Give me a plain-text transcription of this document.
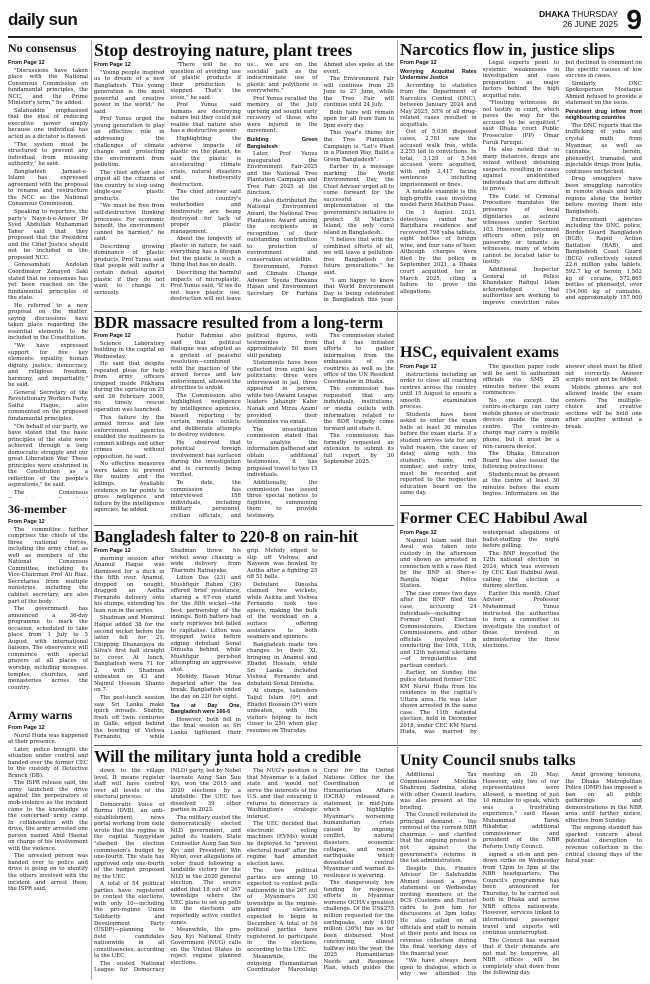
daily sun	DHAKA THURSDAY
26 JUNE 2025 9
No consensus Stop destroying nature, plant trees	Narcotics flow in, justice slips

From Page 12

"Discussions have taken place with the National Consensus Commission on fundamental principles, the NCC, and the Prime Minister's term," he added.

Salahuddin emphasised that the idea of reducing executive power simply because one individual has acted as a dictator is flawed.

"The system must be structured to prevent any individual from misusing authority," he said.

Bangladesh Jamaat-e-Islami has expressed agreement with the proposal to rename and restructure the NCC as the National Consensus Commission.

Speaking to reporters, the party's Naye-b-e-Ameer Dr Syed Abdullah Muhammad Taher said that they proposed that the President and the Chief Justice should not be included in the proposed NCC.

Gonosamhati Andolan Coordinator Zonayed Saki stated that no consensus has yet been reached on the fundamental principles of the state.

He referred to a new proposal on the matter, saying discussions have taken place regarding the essential elements to be included in the Constitution.

"We have expressed support for five key elements: equality, human dignity, justice, democracy, and religious freedom, harmony, and impartiality," he said.

General Secretary of the Revolutionary Workers Party, Saiful Haque, also commented on the proposed fundamental principles.

"On behalf of our party, we have stated that the basic principles of the state were achieved through a long democratic struggle and our great Liberation War. These principles were enshrined in the Constitution as a reflection of the people's aspirations," he said.

The Consensus

36-member

From Page 12

The committee further comprises the chiefs of the three national forces, including the army chief, as well as members of the National Consensus Committee, including its Vice-Chairman Prof Ali Riaz. Secretaries from multiple ministries, including the cabinet secretary, are also part of the body.

The government has announced a 36-day programme to mark the occasion, scheduled to take place from 1 July to 5 August, with international liaisons. The observance will commence with special prayers at all places of worship, including mosques, temples, churches, and monasteries across the country.

Army warns

From Page 12

Nurul Huda was happened at their presence.

Later, police brought the situation under control and handed over the former CEC to the custody of Detective Branch (DB).

The ISPR release said, the army launched the drive against the perpetrators of mob-violence as the incident came to the knowledge of the concerned army camp. In collaboration with the drive, the army arrested one person named Abul Hasnat on charge of his involvement with the violence.

The arrested person was handed over to police and drive is going on to identify the others involved with the incident and arrest them, the ISPR said.

From Page 12

"Young people inspired us to dream of a new Bangladesh. This young generation is the most powerful and creative power in the world," he said.

Prof Yunus urged the young generation to play an effective role in addressing the challenges of climate change and protecting the environment from pollution.

The chief adviser also urged all the citizens of the country to stop using single-use plastic products.

"We must be free from self-destructive thinking processes. For economic benefit, the environment cannot be harmed," he said.

Describing growing dominance of plastic products, Prof Yunus said that people will suffer a certain defeat against plastic if they do not want to change it seriously.

"There will be no question of avoiding use of plastic products if their production is stopped. That's the issue," he said.

Prof Yunus said humans are destroying nature but they could not realise that nature also has a destructive power.

Highlighting the adverse impacts of plastic on the planet, he said the plastic is accelerating climate crisis, natural disasters and biodiversity destruction.

The chief adviser said the country's waterbodies and biodiversity are being destroyed for lack of proper plastic management.

About the longevity of plastic in nature, he said everything has a lifespan but the plastic is such a thing that has no death.

Describing the harmful impacts of microplastic, Prof Yunus said, "If we do not leave plastic use, destruction will not leave us... we are on the suicidal path as the indiscriminate use of plastic and polythene is everywhere."

Prof Yunus recalled the memory of the July uprising and sought early recovery of those who were injured in the movement.

Building Green Bangladesh

Later, Prof Yunus inaugurated the Environment Fair-2025 and the National Tree Plantation Campaign and Tree Fair 2025 at the function.

He also distributed the National Environment Award, the National Tree Plantation Award among the recipients in recognition of their outstanding contribution to protection of environment and conservation of wildlife.

Environment, Forest and Climate Change Adviser Syeda Rizwana Hasan and Environment Secretary Dr Farhina Ahmed also spoke at the event.

The Environment Fair will continue from 25 June to 27 June, while the Tree Fair will continue until 24 July.

Both fairs will remain open for all from 9am to 9pm every day.

This year's theme for the Tree Plantation Campaign is "Let's Plant in a Planned Way, Build a Green Bangladesh".

Earlier in a message marking the World Environment Day, the Chief Adviser urged all to come forward for the successful implementation of the government's initiative to protect St Martin's Island, the only coral island in Bangladesh.

"I believe that with the combined efforts of all, we will leave a pollution-free Bangladesh for future generations," he said.

"I am happy to know that World Environment Day is being celebrated in Bangladesh this year.

From Page 12

Worrying Acquittal Rates Undermine Justice

According to statistics from the Department of Narcotics Control (DNC), between January 2024 and May 2025, 55% of all drug-related cases resulted in acquittals.

Out of 5,036 disposed cases, 2,781 saw the accused walk free, while 2,255 led to convictions. In total, 3,129 of 5,546 accused were acquitted, with only 2,417 facing sentences including imprisonment or fines.

A notable example is the high-profile case involving model Farin Mahbub Piasa.

On 1 August 2021, detectives raided her Baridhara residence and recovered 798 yaba tablets, eight bottles of foreign wine, and four cans of beer. Although charges were filed by the police in September 2021, a Dhaka court acquitted her in March 2025, citing a failure to prove the allegations.

Legal experts point to systemic weaknesses in investigation and case preparation as major factors behind the high acquittal rate.

"Flouting witnesses do not testify in court, which paves the way for the accused to be acquitted," said Dhaka court Public Prosecutor (PP) Omar Faruk Faruqui.

He also noted that in many instances, drugs are seized without detaining suspects, resulting in cases against unidentified individuals that are difficult to prove.

The Code of Criminal Procedure mandates the presence of local dignitaries as seizure witnesses under Section 103. However, enforcement officers often rely on passersby or tenants as witnesses, many of whom cannot be located later to testify.

Additional Inspector General of Police Khandaker Rafiqul Islam acknowledged that authorities are working to improve conviction rates but declined to comment on the specific causes of low success in cases.

Similarly, DNC Spokesperson Mostaque Ahmed refused to provide a statement on the issue.

Persistent drug inflow from neighbouring countries

The DNC reports that the trafficking of yaba and crystal meth from Myanmar, as well as cannabis, heroin, phensedyl, tramadol, and injectable drugs from India, continues unchecked.

Drug smugglers have been smuggling narcotics in remote shoals and hilly regions along the border before moving them into Bangladesh.

Enforcement agencies including the DNC, police, Border Guard Bangladesh (BGB), Rapid Action Battalion (RAB), and Bangladesh Coast Guard (BCG) collectively seized 22.6 million yaba tablets, 592.7 kg of heroin, 1,502 kg of cocaine, 572,865 bottles of phensedyl, over 154,000 kg of cannabis, and approximately 157,000

BDR massacre resulted from a long-term

From Page 12

Science Laboratory building in the capital on Wednesday.

He said that despite repeated pleas for help from army officers trapped inside Pilkhana during the uprising on 25 and 26 February 2009, no timely rescue operation was launched.

This failure by the armed forces and law enforcement agencies enabled the mutineers to commit killings and other crimes without opposition, he said.

No effective measures were taken to prevent the mutiny and the killings. Available evidence so far points to gross negligence and failure by the intelligence agencies, he added.

Fazlur Rahman also said that political dialogue was adopted as a pretext of peaceful resolution—combined with the inaction of the armed forces and law enforcement, allowed the atrocities to unfold.

The Commission also highlighted negligence by intelligence agencies, biased reporting by certain media outlets, and deliberate attempts to destroy evidence.

He observed that potential foreign involvement has surfaced during the investigation and is currently being verified.

To date, the commission has interviewed 158 individuals, including military personnel, civilian officials, and political figures, with testimonies from approximately 50 more still pending.

Statements have been collected from eight key politicians: three were interviewed in jail, three appeared in person, while two (Awami League leaders Jahangir Kabir Nanak and Mirza Azam) provided their testimonies via email.

The investigation commission stated that to analyse the information gathered and obtain additional testimonies, it has proposed travel to two 15 individuals.

Additionally, the commission has issued three special notices to fugitives, summoning them to provide testimony.

The commission stated that it has initiated efforts to gather information from the embassies of six countries as well as the office of the UN Resident Coordinator in Dhaka.

The commission has requested that any individuals, institutions, or media outlets with information related to the BDR tragedy come forward and share it.

The commission has formally requested an extension to submit its full report by 30 September 2025.

HSC, equivalent exams

From Page 12

instructions including an order to close all coaching centres across the country until 15 August to ensure a smooth examination process.

Students have been asked to enter the exam halls at least 30 minutes before the exam starts. If a student arrives late for any valid reason, the cause of delay, along with the student's name, roll number, and entry time, must be recorded and reported to the respective education board on the same day.

The question paper code will be sent to authorized officials via SMS 25 minutes before the exam commences.

No one except the centre-in-charge can carry mobile phones or electronic devices inside the exam centre. The centre-in-charge may carry a mobile phone, but it must be a non-camera device.

The Dhaka Education Board has also issued the following instructions:

Students must be present at the centre at least 30 minutes before the exam begins. Information on the answer sheet must be filled out correctly. Answer scripts must not be folded.

Mobile phones are not allowed inside the exam centers. The multiple-choice and creative sections will be held one after another without a break.

Bangladesh falter to 220-8 on rain-hit

From Page 12

morning session after Anamul Haque was dismissed for a duck in the fifth over. Anamul, dropped on nought, dragged an Asitha Fernando delivery onto his stumps, extending his lean run in the series.

Shadman and Mominul Haque added 38 for the second wicket before the latter fell for 21. Chipping Dhananjaya de Silva's first ball straight to cover. At lunch, Bangladesh were 71 for 2, with Shadman unbeaten on 43 and Najmul Hossain Shanto on 7.

The post-lunch session saw Sri Lanka make quick inroads. Shanto, fresh off twin centuries in Galle, edged behind the bowling of Vishwa Fernando, while Shadman threw his wicket away chasing a wide delivery from Tharindu Ratnayake.

Litton Das (23) and Mushfiqur Rahim (36) offered brief resistance, sharing a 67-run stand for the fifth wicket—the best partnership of the innings. Both batters had early reprieves but failed to capitalise. Litton was dropped twice before edging debutant Sonal Dinusha behind, while Mushfiqur perished attempting an aggressive shot.

Mehidy Hasan Miraz departed after the tea break. Bangladesh ended the day on 220 for eight.

Tea at Day One, Bangladesh were 166-6

However, both fell in the final session as Sri Lanka tightened their grip. Mehidy edged to slip off Vishwa, and Nayeem was bowled by Asitha after a fighting 25 off 51 balls.

Debutant Dinusha claimed two wickets, while Asitha and Vishwa Fernando took two apiece, making the bulk of the workload on a surface offering assistance to both seamers and spinners.

Bangladesh made two changes to their XI, bringing in Anamul and Ebadot Hossain, while Sri Lanka included Vishwa Fernando and debutant Sonal Dinusha.

At stumps, tailenders Taijul Islam (9*) and Ebadot Hossain (5*) were unbeaten, with the visitors hoping to inch closer to 250 when play resumes on Thursday.

Former CEC Habibul Awal

From Page 12

Nazmul Islam said that Awal was taken into custody in the afternoon and shown as arrested in connection with a case filed by the BNP at Sher-e-Bangla Nagar Police Station.

The case comes two days after the BNP filed the case, accusing 24 individuals—including Former Chief Election Commissioners, Election Commissioners, and other officials involved in conducting the 10th, 11th, and 12th national elections—of irregularities and partisan conduct.

Earlier, on Sunday, the police detained former CEC KM Nurul Huda from his residence in the capital's Uttara area. He was later shown arrested in the same case. The 11th national election, held in December 2018, under CEC KM Nurul Huda, was marred by widespread allegations of ballot-stuffing the night before polling.

The BNP boycotted the 12th national election in 2024, which was overseen by CEC Kazi Habibul Awal, calling the election a dummy election.

Earlier this month, Chief Adviser Professor Muhammad Yunus instructed the authorities to form a committee to investigate the conduct of those involved in administering the three elections.

Will the military junta hold a credible

down to the village level. It means register staff will have control over all levels of the electoral process.

Democratic Voice of Burma (DVB), an anti-establishment news portal working from exile wrote that the regime in the capital Naypyidaw "slashed the election commission's budget by one-fourth. The state has approved only one-fourth of the budget proposed by the UEC.

A total of 54 political parties have registered to contest the elections, with only 10—including the pro-regime Union Solidarity and Development Party (USDP)—planning to field candidates nationwide in all constituencies, according to the UEC.

The ousted National League for Democracy (NLD) party, led by Nobel laureate Aung San Suu Kyi, won the 2015 and 2020 elections by a landslide. The UEC has dissolved 39 other parties in 2023.

The military ousted the democratically elected NLD government, and jailed its leaders State Counsellor Aung San Suu Kyi and President Win Myint, over allegations of voter fraud following a landslide victory for the NLD in the 2020 general election. The source added that 18 out of 267 townships where the UEC plans to set up polls in the elections are reportedly active conflict zones.

Meanwhile, the pro-Suu Kyi National Unity Government (NUG) calls on the United States to reject regime planned elections.

The NUG's position is that Myanmar is a failed state and would not serve the interests of the U.S. and that ensuring it returns to democracy is Washington's strategic interest.

The UEC decided that electronic voting machines (EVMs) would be deployed to "prevent electoral fraud" after the regime had amended election laws.

The two political parties are among 10 expected to contest polls nationwide in the 267 out of Myanmar's 330 townships in the regime-planned elections expected to begin in December. A total of 54 political parties have registered to participate in the elections, according to the UEC.

Meanwhile, the outgoing Humanitarian Coordinator Marcoluigi Corsi for the United Nations Office for the Coordination of Humanitarian Affairs (OCHA) released a statement in mid-June which highlights Myanmar's worsening humanitarian crisis caused by ongoing conflict, natural disasters, economic collapse, and recent earthquake which devastated central Myanmar and warned its resilience is wavering.

The dangerously low funding for response efforts in Myanmar worsens OCHA's greatest challenge. Of the US$275 million requested for the earthquake, only $100 million (36%) has so far been disbursed. Most concerning, almost halfway into the year, the 2025 Humanitarian Needs and Response Plan, which guides the

Unity Council snubs talks

Additional Tax Commissioner Moutika Shahreen Sadmina, along with other Council leaders, was also present at the briefing.

The Council reiterated its principal demand – the removal of the current NBR chairman – and clarified that the ongoing protest is not against the government's reforms in the tax administration.

Despite this, Finance Adviser Dr Salehuddin Ahmed issued a press statement on Wednesday inviting members of the BCS (Customs and Excise) cadre to join him for discussions at 3pm today. He also called on all officials and staff to remain at their posts and focus on revenue collection during the final working days of the financial year.

"We have always been open to dialogue, which is why we attended the meeting on 20 May. However, only two of our representatives were allowed, a meeting of just 10 minutes to speak, which was a frustrating experience," said Hasan Muhammad Tarek Rikabdar, additional commissioner and president of the NBR Reform Unity Council.

signed a sit-in and pen-down strike on Wednesday from 12pm to 3pm at the NBR headquarters. The Council's programme has been announced for Thursday, to be carried out both in Dhaka and across NBR offices nationwide. However, services linked to international passenger travel and exports will continue uninterrupted.

The Council has warned that if their demands are not met by tomorrow, all NBR offices will be completely shut down from the following day.

Amid growing tensions, the Dhaka Metropolitan Police (DMP) has imposed a ban on all public gatherings and demonstrations in the NBR area until further notice, effective from Sunday.

The ongoing standoff has sparked concern about potential disruption to revenue collection in the critical closing days of the fiscal year.
